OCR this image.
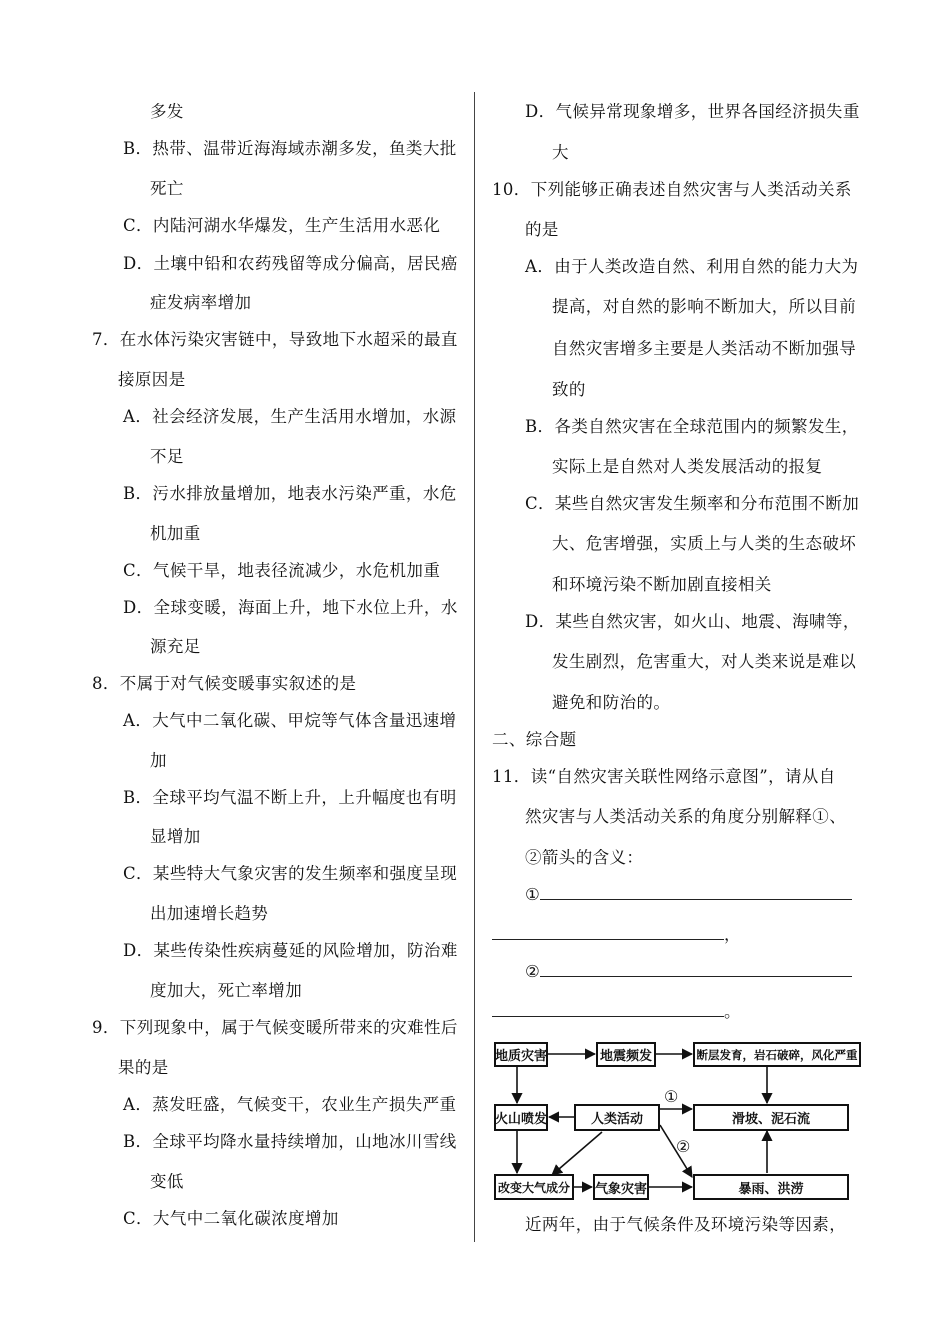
多发
B．热带、温带近海海域赤潮多发，鱼类大批
死亡
C．内陆河湖水华爆发，生产生活用水恶化
D．土壤中铅和农药残留等成分偏高，居民癌
症发病率增加
7．在水体污染灾害链中，导致地下水超采的最直
接原因是
A．社会经济发展，生产生活用水增加，水源
不足
B．污水排放量增加，地表水污染严重，水危
机加重
C．气候干旱，地表径流减少，水危机加重
D．全球变暖，海面上升，地下水位上升，水
源充足
8．不属于对气候变暖事实叙述的是
A．大气中二氧化碳、甲烷等气体含量迅速增
加
B．全球平均气温不断上升，上升幅度也有明
显增加
C．某些特大气象灾害的发生频率和强度呈现
出加速增长趋势
D．某些传染性疾病蔓延的风险增加，防治难
度加大，死亡率增加
9．下列现象中，属于气候变暖所带来的灾难性后
果的是
A．蒸发旺盛，气候变干，农业生产损失严重
B．全球平均降水量持续增加，山地冰川雪线
变低
C．大气中二氧化碳浓度增加
D．气候异常现象增多，世界各国经济损失重
大
10．下列能够正确表述自然灾害与人类活动关系
的是
A．由于人类改造自然、利用自然的能力大为
提高，对自然的影响不断加大，所以目前
自然灾害增多主要是人类活动不断加强导
致的
B．各类自然灾害在全球范围内的频繁发生，
实际上是自然对人类发展活动的报复
C．某些自然灾害发生频率和分布范围不断加
大、危害增强，实质上与人类的生态破坏
和环境污染不断加剧直接相关
D．某些自然灾害，如火山、地震、海啸等，
发生剧烈，危害重大，对人类来说是难以
避免和防治的。
二、综合题
11．读“自然灾害关联性网络示意图”，请从自
然灾害与人类活动关系的角度分别解释①、
②箭头的含义：
①
，
②
。
近两年，由于气候条件及环境污染等因素，
地质灾害	地震频发	断层发育，岩石破碎，风化严重
火山喷发	人类活动	滑坡、泥石流
改变大气成分	气象灾害	暴雨、洪涝
①
②
